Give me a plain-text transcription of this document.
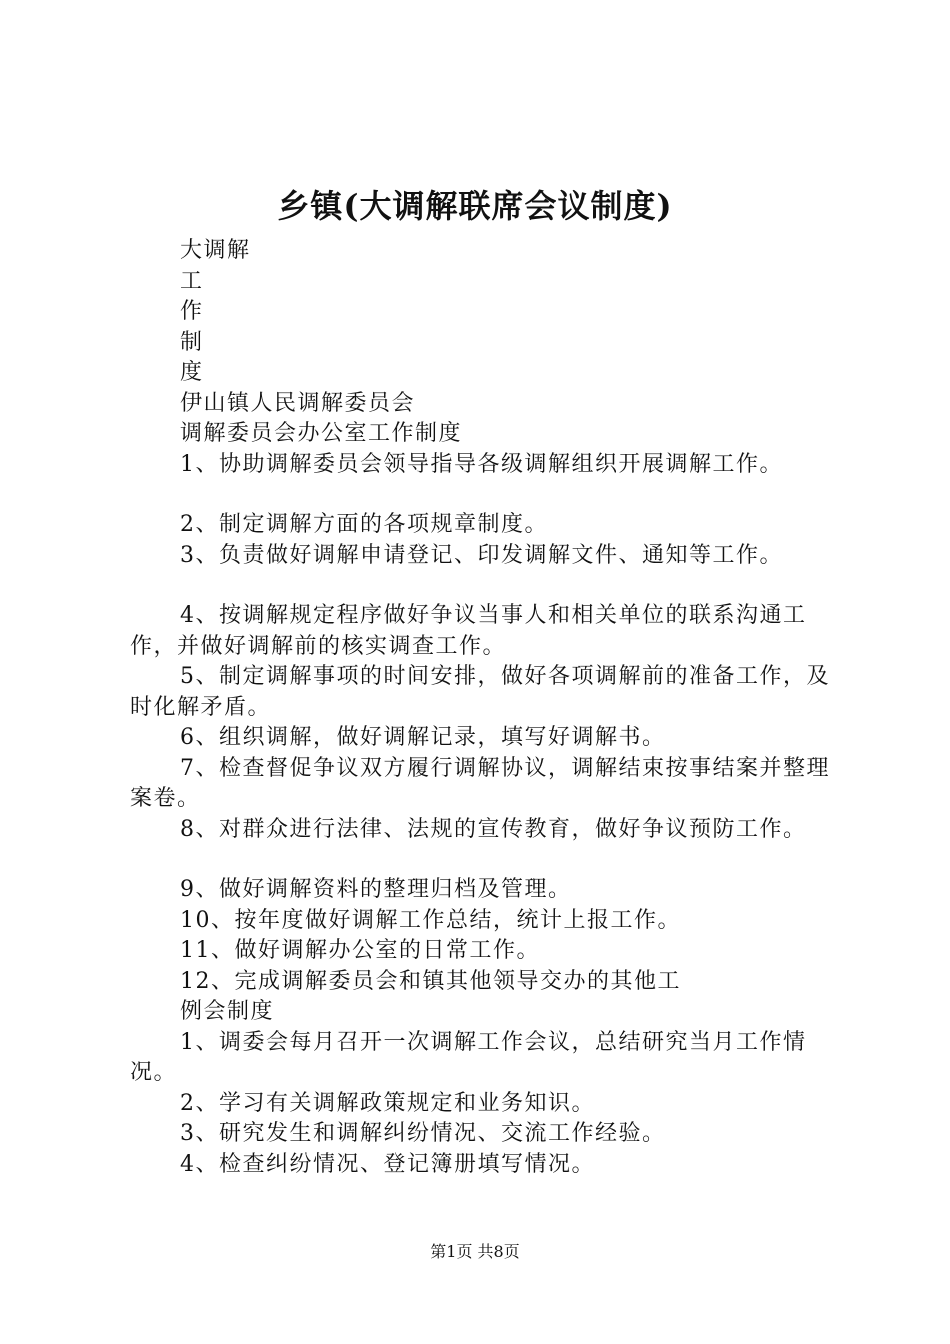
乡镇(大调解联席会议制度)

大调解

工

作

制

度

伊山镇人民调解委员会

调解委员会办公室工作制度

1、协助调解委员会领导指导各级调解组织开展调解工作。

2、制定调解方面的各项规章制度。

3、负责做好调解申请登记、印发调解文件、通知等工作。

4、按调解规定程序做好争议当事人和相关单位的联系沟通工作，并做好调解前的核实调查工作。

5、制定调解事项的时间安排，做好各项调解前的准备工作，及时化解矛盾。

6、组织调解，做好调解记录，填写好调解书。

7、检查督促争议双方履行调解协议，调解结束按事结案并整理案卷。

8、对群众进行法律、法规的宣传教育，做好争议预防工作。

9、做好调解资料的整理归档及管理。

10、按年度做好调解工作总结，统计上报工作。

11、做好调解办公室的日常工作。

12、完成调解委员会和镇其他领导交办的其他工

例会制度

1、调委会每月召开一次调解工作会议，总结研究当月工作情况。

2、学习有关调解政策规定和业务知识。

3、研究发生和调解纠纷情况、交流工作经验。

4、检查纠纷情况、登记簿册填写情况。

第1页 共8页
